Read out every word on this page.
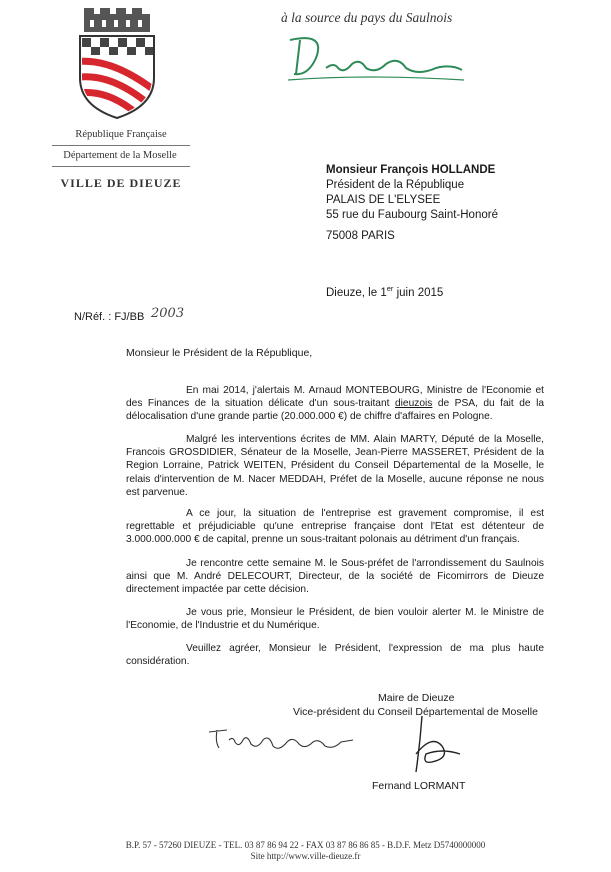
à la source du pays du Saulnois
République Française
Département de la Moselle
VILLE DE DIEUZE
Monsieur François HOLLANDE
Président de la République
PALAIS DE L'ELYSEE
55 rue du Faubourg Saint-Honoré
75008 PARIS
Dieuze, le 1er juin 2015
N/Réf. : FJ/BB 2003
Monsieur le Président de la République,

En mai 2014, j'alertais M. Arnaud MONTEBOURG, Ministre de l'Economie et des Finances de la situation délicate d'un sous-traitant dieuzois de PSA, du fait de la délocalisation d'une grande partie (20.000.000 €) de chiffre d'affaires en Pologne.

Malgré les interventions écrites de MM. Alain MARTY, Député de la Moselle, Francois GROSDIDIER, Sénateur de la Moselle, Jean-Pierre MASSERET, Président de la Region Lorraine, Patrick WEITEN, Président du Conseil Départemental de la Moselle, le relais d'intervention de M. Nacer MEDDAH, Préfet de la Moselle, aucune réponse ne nous est parvenue.

A ce jour, la situation de l'entreprise est gravement compromise, il est regrettable et préjudiciable qu'une entreprise française dont l'Etat est détenteur de 3.000.000.000 € de capital, prenne un sous-traitant polonais au détriment d'un français.

Je rencontre cette semaine M. le Sous-préfet de l'arrondissement du Saulnois ainsi que M. André DELECOURT, Directeur, de la société de Ficomirrors de Dieuze directement impactée par cette décision.

Je vous prie, Monsieur le Président, de bien vouloir alerter M. le Ministre de l'Economie, de l'Industrie et du Numérique.

Veuillez agréer, Monsieur le Président, l'expression de ma plus haute considération.

Maire de Dieuze
Vice-président du Conseil Départemental de Moselle
Fernand LORMANT
B.P. 57 - 57260 DIEUZE - TEL. 03 87 86 94 22 - FAX 03 87 86 86 85 - B.D.F. Metz D5740000000
Site http://www.ville-dieuze.fr
